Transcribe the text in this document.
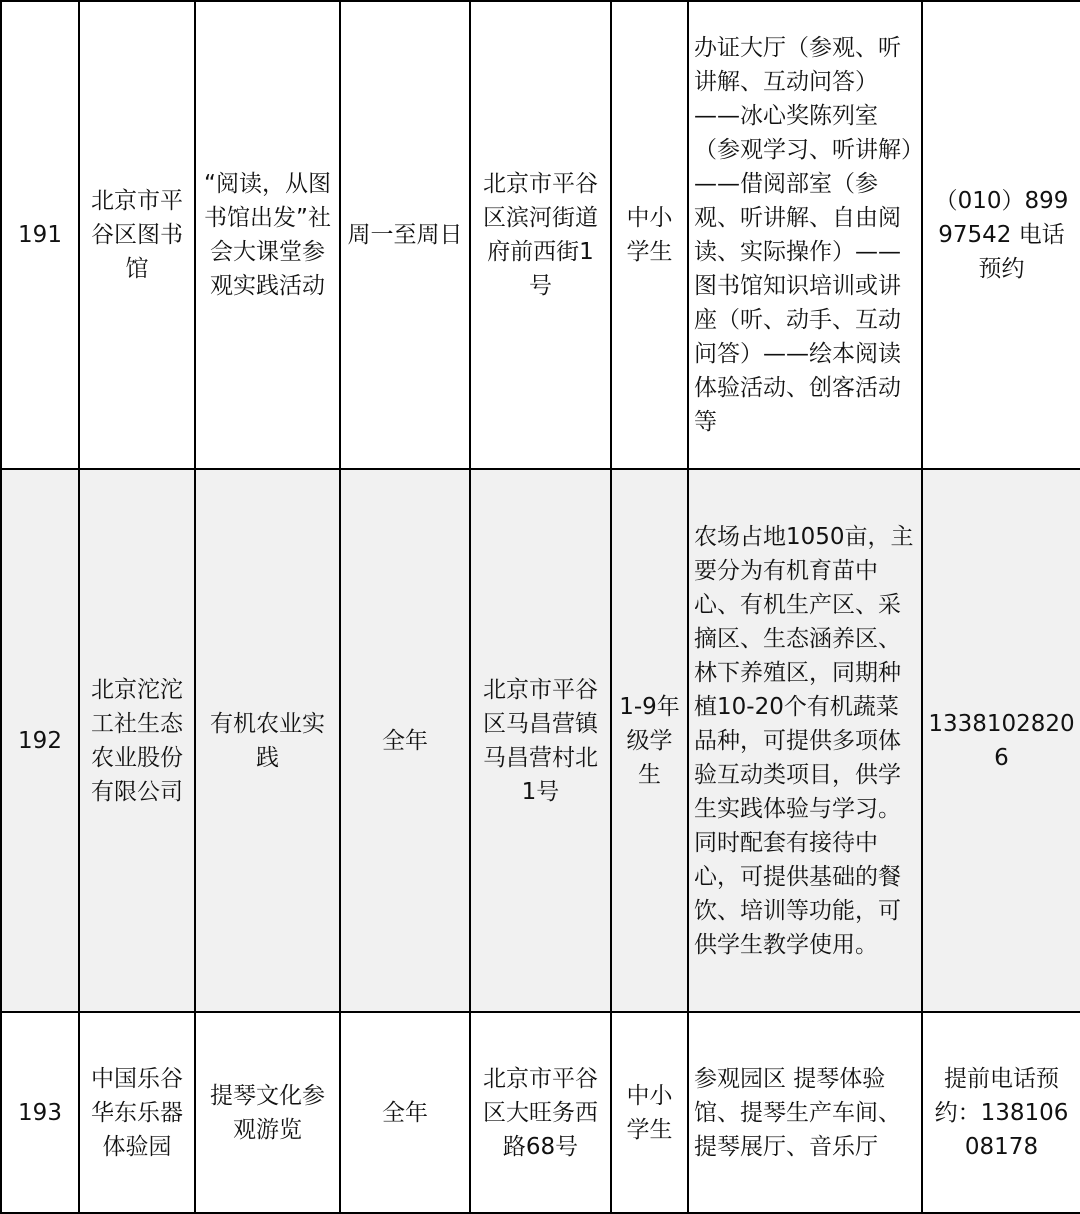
191	北京市平谷区图书馆	“阅读，从图书馆出发”社会大课堂参观实践活动	周一至周日	北京市平谷区滨河街道府前西街1号	中小学生	办证大厅（参观、听讲解、互动问答）——冰心奖陈列室（参观学习、听讲解）——借阅部室（参观、听讲解、自由阅读、实际操作）——图书馆知识培训或讲座（听、动手、互动问答）——绘本阅读体验活动、创客活动等	（010）89997542 电话预约
192	北京沱沱工社生态农业股份有限公司	有机农业实践	全年	北京市平谷区马昌营镇马昌营村北1号	1-9年级学生	农场占地1050亩，主要分为有机育苗中心、有机生产区、采摘区、生态涵养区、林下养殖区，同期种植10-20个有机蔬菜品种，可提供多项体验互动类项目，供学生实践体验与学习。同时配套有接待中心，可提供基础的餐饮、培训等功能，可供学生教学使用。	13381028206
193	中国乐谷华东乐器体验园	提琴文化参观游览	全年	北京市平谷区大旺务西路68号	中小学生	参观园区 提琴体验馆、提琴生产车间、提琴展厅、音乐厅	提前电话预约：13810608178
